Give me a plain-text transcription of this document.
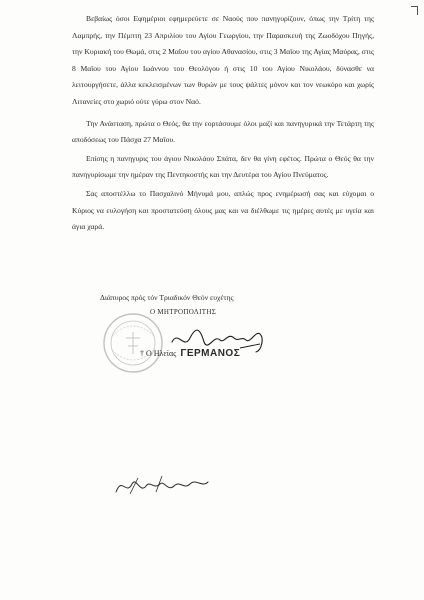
Βεβαίως όσοι Εφημέριοι εφημερεύετε σε Ναούς που πανηγυρίζουν, όπως την Τρίτη της Λαμπρής, την Πέμπτη 23 Απριλίου του Αγίου Γεωργίου, την Παρασκευή της Ζωοδόχου Πηγής, την Κυριακή του Θωμά, στις 2 Μαΐου του αγίου Αθανασίου, στις 3 Μαΐου της Αγίας Μαύρας, στις 8 Μαΐου του Αγίου Ιωάννου του Θεολόγου ή στις 10 του Αγίου Νικολάου, δύνασθε να λειτουργήσετε, άλλα κεκλεισμένων των θυρών με τους ψάλτες μόνον και τον νεωκόρο και χωρίς Λιτανείες στο χωριό ούτε γύρω στον Ναό.

Την Ανάσταση, πρώτα ο Θεός, θα την εορτάσουμε όλοι μαζί και πανηγυρικά την Τετάρτη της αποδόσεως του Πάσχα 27 Μαΐου.

Επίσης η πανηγυρις του άγιου Νικολάου Σπάτα, δεν θα γίνη εφέτος. Πρώτα ο Θεός θα την πανηγυρίσωμε την ημέραν της Πεντηκοστής και την Δευτέρα του Αγίου Πνεύματος.

Σας αποστέλλω το Πασχαλινό Μήνυμά μου, απλώς προς ενημέρωσή σας και εύχομαι ο Κύριος να ευλογήση και προστατεύση όλους μας και να διέλθωμε τις ημέρες αυτές με υγεία και άγια χαρά.

Διάπυρος πρός τόν Τριαδικόν Θεόν ευχέτης
Ο ΜΗΤΡΟΠΟΛΙΤΗΣ
† Ο Ηλείας ΓΕΡΜΑΝΟΣ
